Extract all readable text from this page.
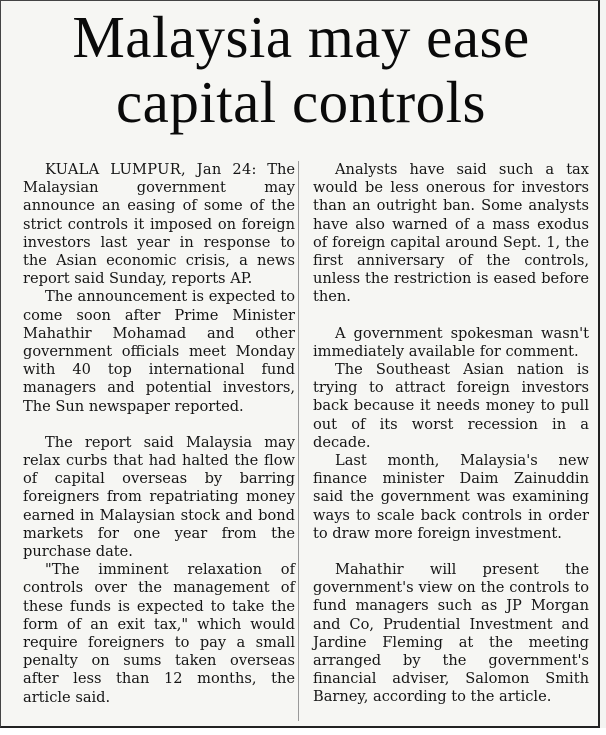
Malaysia may ease
capital controls

KUALA LUMPUR, Jan 24: The Malaysian government may announce an easing of some of the strict controls it imposed on foreign investors last year in response to the Asian economic crisis, a news report said Sunday, reports AP.

The announcement is expected to come soon after Prime Minister Mahathir Mohamad and other government officials meet Monday with 40 top international fund managers and potential investors, The Sun newspaper reported.

The report said Malaysia may relax curbs that had halted the flow of capital overseas by barring foreigners from repatriating money earned in Malaysian stock and bond markets for one year from the purchase date.

"The imminent relaxation of controls over the management of these funds is expected to take the form of an exit tax," which would require foreigners to pay a small penalty on sums taken overseas after less than 12 months, the article said.

Analysts have said such a tax would be less onerous for investors than an outright ban. Some analysts have also warned of a mass exodus of foreign capital around Sept. 1, the first anniversary of the controls, unless the restriction is eased before then.

A government spokesman wasn't immediately available for comment.

The Southeast Asian nation is trying to attract foreign investors back because it needs money to pull out of its worst recession in a decade.

Last month, Malaysia's new finance minister Daim Zainuddin said the government was examining ways to scale back controls in order to draw more foreign investment.

Mahathir will present the government's view on the controls to fund managers such as JP Morgan and Co, Prudential Investment and Jardine Fleming at the meeting arranged by the government's financial adviser, Salomon Smith Barney, according to the article.
